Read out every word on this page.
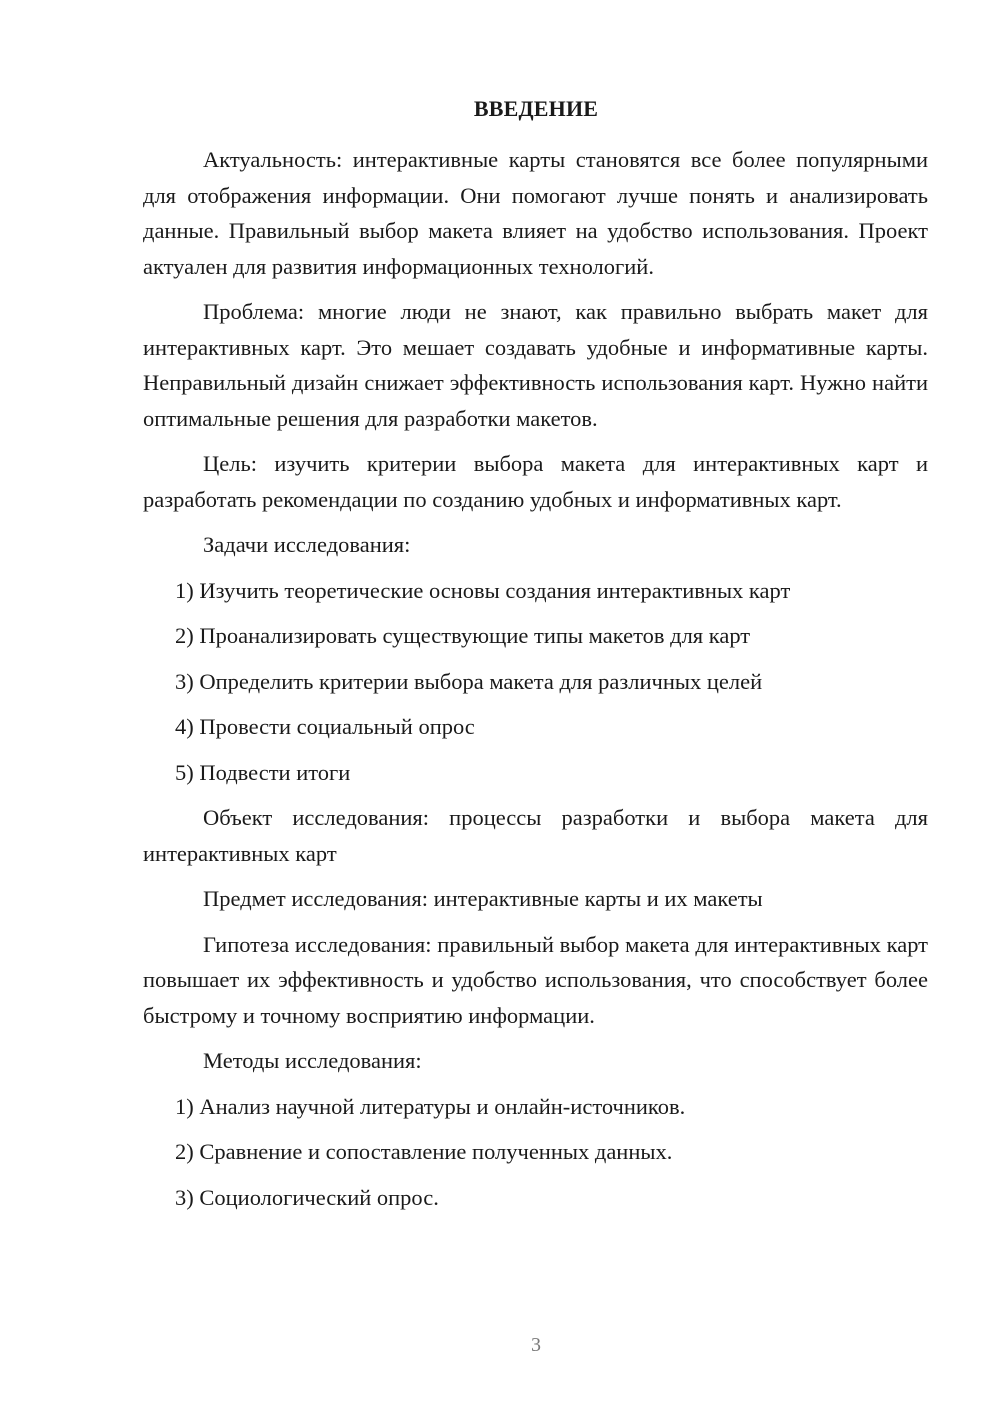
ВВЕДЕНИЕ

Актуальность: интерактивные карты становятся все более популярными для отображения информации. Они помогают лучше понять и анализировать данные. Правильный выбор макета влияет на удобство использования. Проект актуален для развития информационных технологий.

Проблема: многие люди не знают, как правильно выбрать макет для интерактивных карт. Это мешает создавать удобные и информативные карты. Неправильный дизайн снижает эффективность использования карт. Нужно найти оптимальные решения для разработки макетов.

Цель: изучить критерии выбора макета для интерактивных карт и разработать рекомендации по созданию удобных и информативных карт.

Задачи исследования:

1) Изучить теоретические основы создания интерактивных карт

2) Проанализировать существующие типы макетов для карт

3) Определить критерии выбора макета для различных целей

4) Провести социальный опрос

5) Подвести итоги

Объект исследования: процессы разработки и выбора макета для интерактивных карт

Предмет исследования: интерактивные карты и их макеты

Гипотеза исследования: правильный выбор макета для интерактивных карт повышает их эффективность и удобство использования, что способствует более быстрому и точному восприятию информации.

Методы исследования:

1) Анализ научной литературы и онлайн-источников.

2) Сравнение и сопоставление полученных данных.

3) Социологический опрос.

3
